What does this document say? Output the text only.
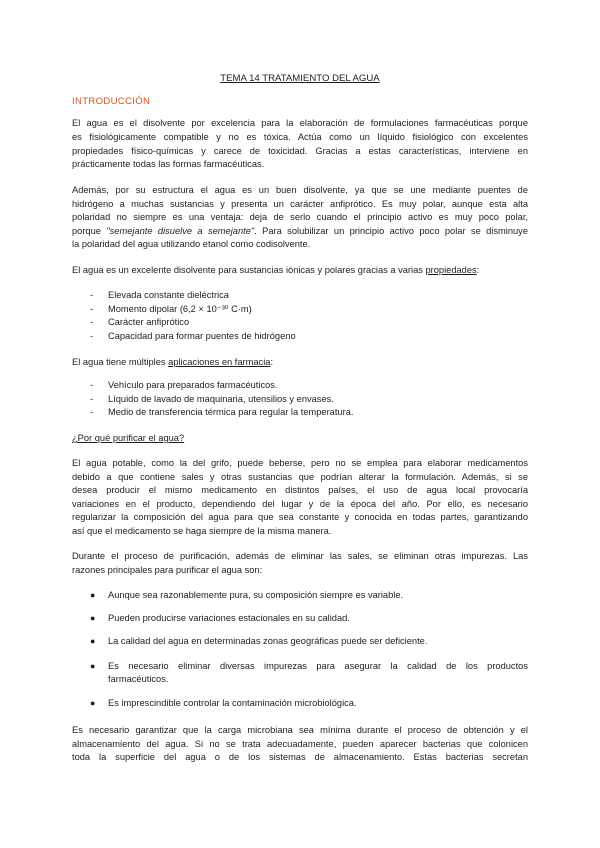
TEMA 14 TRATAMIENTO DEL AGUA
INTRODUCCIÓN

El agua es el disolvente por excelencia para la elaboración de formulaciones farmacéuticas porque

es fisiológicamente compatible y no es tóxica. Actúa como un líquido fisiológico con excelentes

propiedades físico-químicas y carece de toxicidad. Gracias a estas características, interviene en

prácticamente todas las formas farmacéuticas.

Además, por su estructura el agua es un buen disolvente, ya que se une mediante puentes de

hidrógeno a muchas sustancias y presenta un carácter anfiprótico. Es muy polar, aunque esta alta

polaridad no siempre es una ventaja: deja de serlo cuando el principio activo es muy poco polar,

porque "semejante disuelve a semejante". Para solubilizar un principio activo poco polar se disminuye

la polaridad del agua utilizando etanol como codisolvente.

El agua es un excelente disolvente para sustancias iónicas y polares gracias a varias propiedades:

- Elevada constante dieléctrica
- Momento dipolar (6,2 × 10⁻³⁰ C·m)
- Carácter anfiprótico
- Capacidad para formar puentes de hidrógeno

El agua tiene múltiples aplicaciones en farmacia:

- Vehículo para preparados farmacéuticos.
- Líquido de lavado de maquinaria, utensilios y envases.
- Medio de transferencia térmica para regular la temperatura.
¿Por qué purificar el agua?

El agua potable, como la del grifo, puede beberse, pero no se emplea para elaborar medicamentos

debido a que contiene sales y otras sustancias que podrían alterar la formulación. Además, si se

desea producir el mismo medicamento en distintos países, el uso de agua local provocaría

variaciones en el producto, dependiendo del lugar y de la época del año. Por ello, es necesario

regularizar la composición del agua para que sea constante y conocida en todas partes, garantizando

así que el medicamento se haga siempre de la misma manera.

Durante el proceso de purificación, además de eliminar las sales, se eliminan otras impurezas. Las

razones principales para purificar el agua son:

● Aunque sea razonablemente pura, su composición siempre es variable.
● Pueden producirse variaciones estacionales en su calidad.
● La calidad del agua en determinadas zonas geográficas puede ser deficiente.
● Es necesario eliminar diversas impurezas para asegurar la calidad de los productos
farmacéuticos.
● Es imprescindible controlar la contaminación microbiológica.

Es necesario garantizar que la carga microbiana sea mínima durante el proceso de obtención y el

almacenamiento del agua. Si no se trata adecuadamente, pueden aparecer bacterias que colonicen

toda la superficie del agua o de los sistemas de almacenamiento. Estas bacterias secretan
